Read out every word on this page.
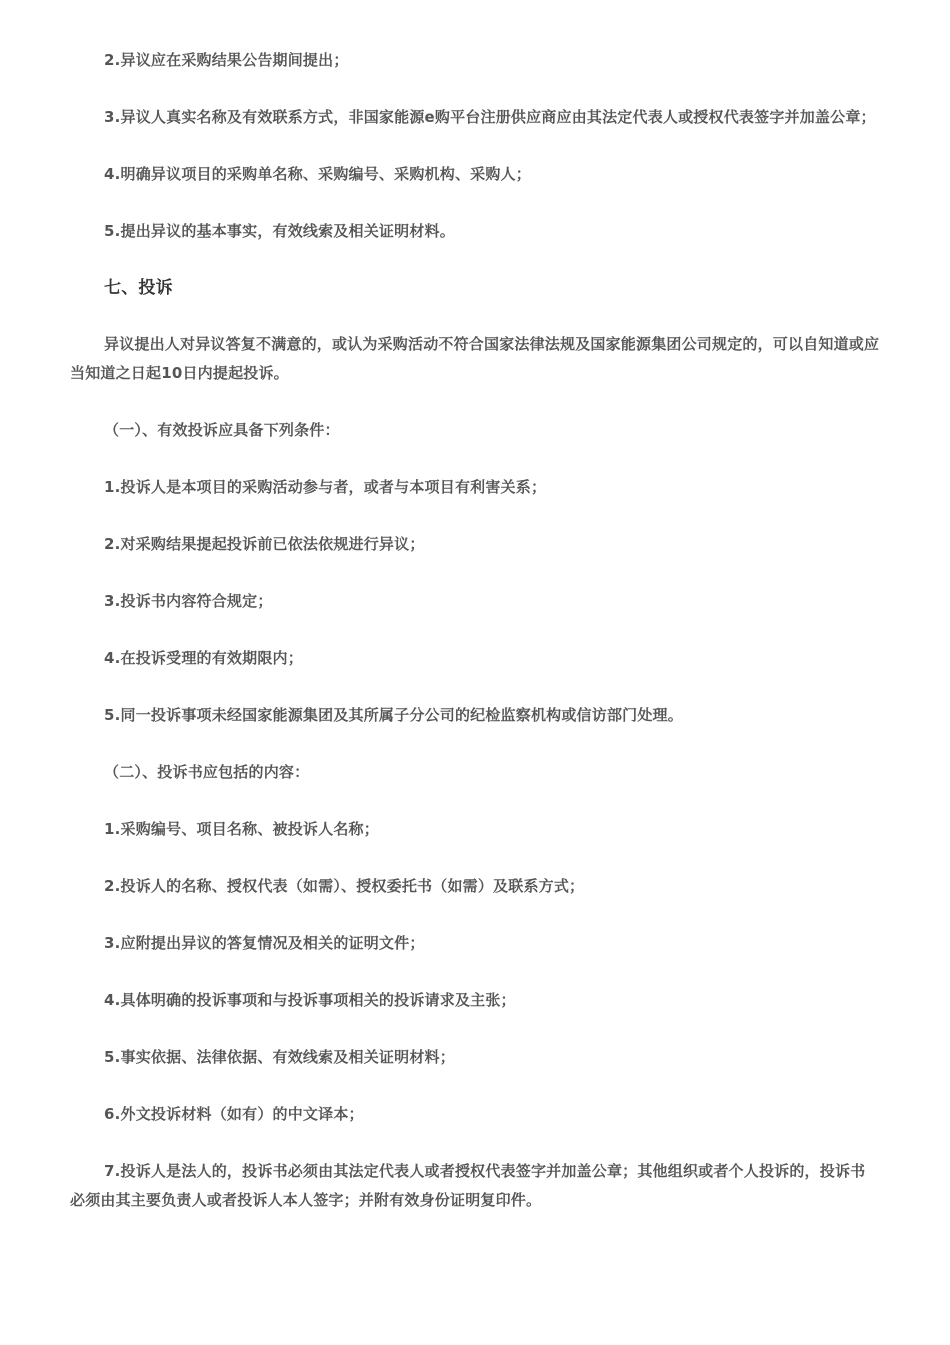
2.异议应在采购结果公告期间提出；

3.异议人真实名称及有效联系方式，非国家能源e购平台注册供应商应由其法定代表人或授权代表签字并加盖公章；

4.明确异议项目的采购单名称、采购编号、采购机构、采购人；

5.提出异议的基本事实，有效线索及相关证明材料。

七、投诉

异议提出人对异议答复不满意的，或认为采购活动不符合国家法律法规及国家能源集团公司规定的，可以自知道或应当知道之日起10日内提起投诉。

（一）、有效投诉应具备下列条件：

1.投诉人是本项目的采购活动参与者，或者与本项目有利害关系；

2.对采购结果提起投诉前已依法依规进行异议；

3.投诉书内容符合规定；

4.在投诉受理的有效期限内；

5.同一投诉事项未经国家能源集团及其所属子分公司的纪检监察机构或信访部门处理。

（二）、投诉书应包括的内容：

1.采购编号、项目名称、被投诉人名称；

2.投诉人的名称、授权代表（如需）、授权委托书（如需）及联系方式；

3.应附提出异议的答复情况及相关的证明文件；

4.具体明确的投诉事项和与投诉事项相关的投诉请求及主张；

5.事实依据、法律依据、有效线索及相关证明材料；

6.外文投诉材料（如有）的中文译本；

7.投诉人是法人的，投诉书必须由其法定代表人或者授权代表签字并加盖公章；其他组织或者个人投诉的，投诉书必须由其主要负责人或者投诉人本人签字；并附有效身份证明复印件。
